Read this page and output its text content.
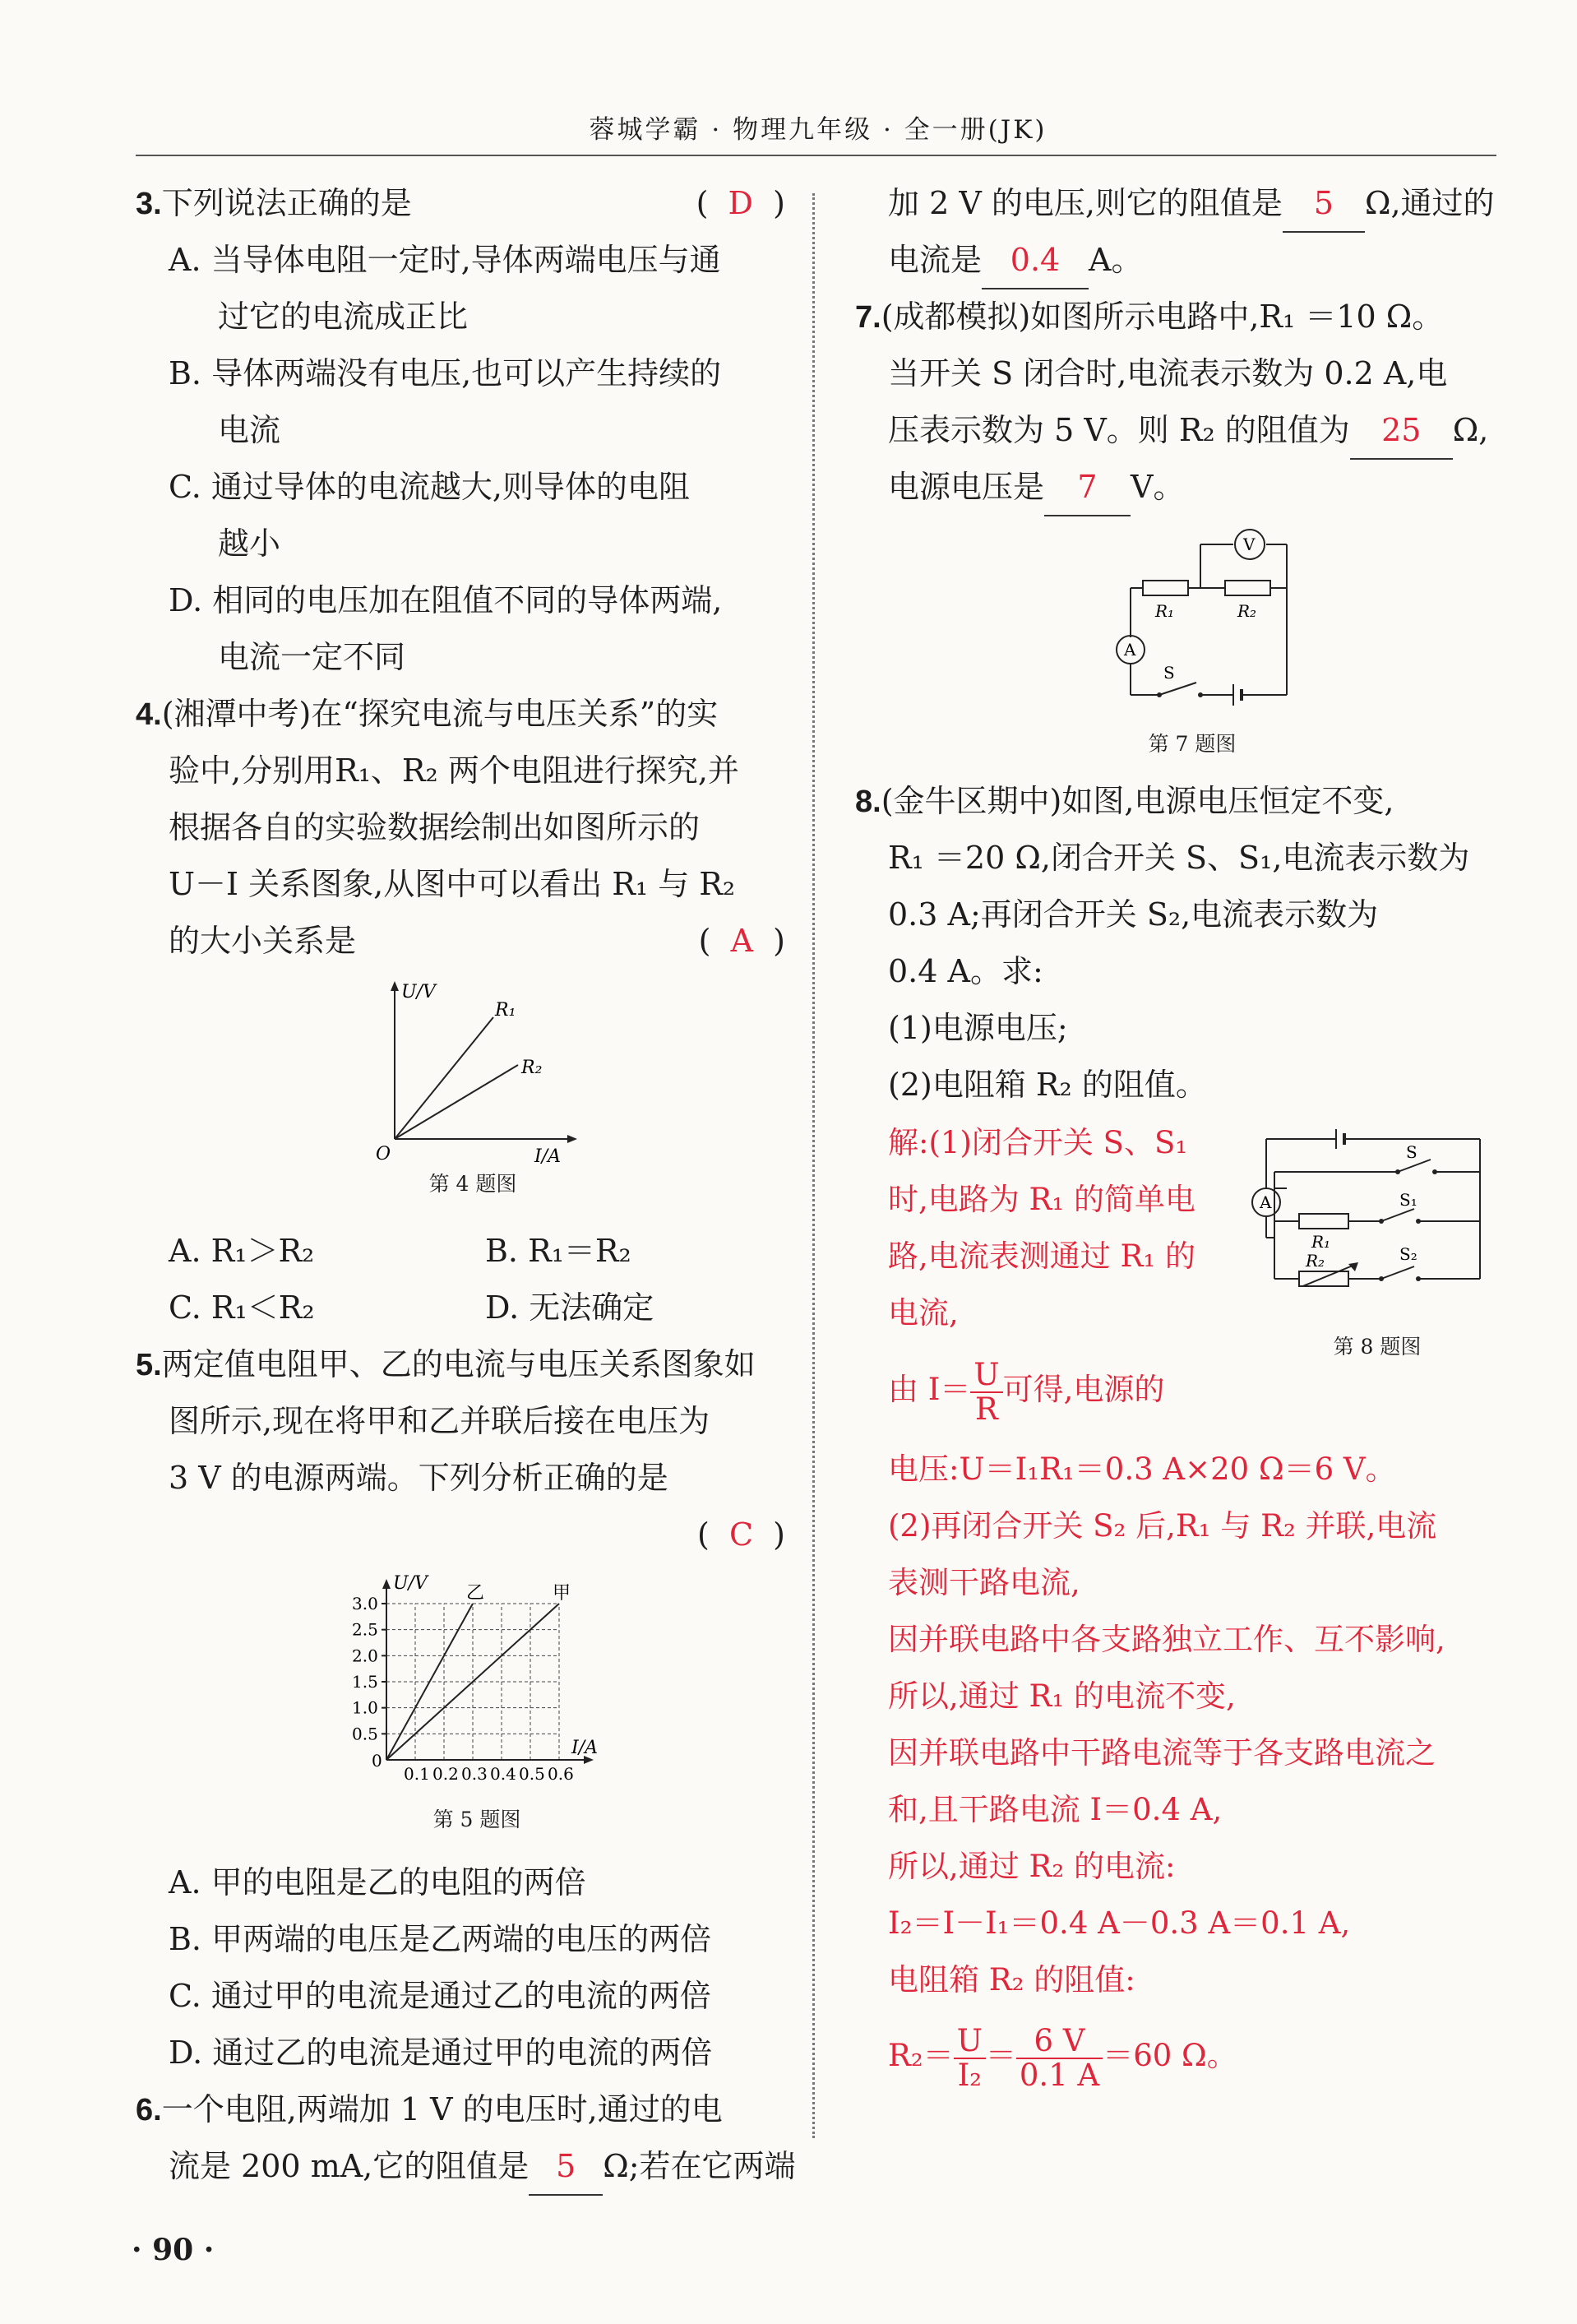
蓉城学霸 · 物理九年级 · 全一册(JK)
3.下列说法正确的是	(  D  )
A. 当导体电阻一定时,导体两端电压与通
过它的电流成正比
B. 导体两端没有电压,也可以产生持续的
电流
C. 通过导体的电流越大,则导体的电阻
越小
D. 相同的电压加在阻值不同的导体两端,
电流一定不同
4.(湘潭中考)在“探究电流与电压关系”的实
验中,分别用R₁、R₂ 两个电阻进行探究,并
根据各自的实验数据绘制出如图所示的
U－I 关系图象,从图中可以看出 R₁ 与 R₂
的大小关系是	(  A  )
U/V
I/A
O
R₁
R₂
第 4 题图
A. R₁＞R₂	B. R₁＝R₂
C. R₁＜R₂	D. 无法确定
5.两定值电阻甲、乙的电流与电压关系图象如
图所示,现在将甲和乙并联后接在电压为
3 V 的电源两端。下列分析正确的是
(  C  )
0.1 0.2 0.3 0.4 0.5 0.6
0.5
1.0
1.5
2.0
2.5
3.0
U/V
I/A
0
乙	甲
第 5 题图
A. 甲的电阻是乙的电阻的两倍
B. 甲两端的电压是乙两端的电压的两倍
C. 通过甲的电流是通过乙的电流的两倍
D. 通过乙的电流是通过甲的电流的两倍
6.一个电阻,两端加 1 V 的电压时,通过的电
流是 200 mA,它的阻值是 5 Ω;若在它两端
· 90 ·
加 2 V 的电压,则它的阻值是 5 Ω,通过的
电流是 0.4 A。
7.(成都模拟)如图所示电路中,R₁ ＝10 Ω。
当开关 S 闭合时,电流表示数为 0.2 A,电
压表示数为 5 V。则 R₂ 的阻值为 25 Ω,
电源电压是 7 V。
V
A
R₁	R₂
S
第 7 题图
8.(金牛区期中)如图,电源电压恒定不变,
R₁ ＝20 Ω,闭合开关 S、S₁,电流表示数为
0.3 A;再闭合开关 S₂,电流表示数为
0.4 A。求:
(1)电源电压;
(2)电阻箱 R₂ 的阻值。
A
S
S₁
S₂
R₁
R₂
第 8 题图
解:(1)闭合开关 S、S₁
时,电路为 R₁ 的简单电
路,电流表测通过 R₁ 的
电流,
由 $I= \frac{U}{R}$ 可得,电源的
电压:U＝I₁R₁＝0.3 A×20 Ω＝6 V。
(2)再闭合开关 S₂ 后,R₁ 与 R₂ 并联,电流
表测干路电流,
因并联电路中各支路独立工作、互不影响,
所以,通过 R₁ 的电流不变,
因并联电路中干路电流等于各支路电流之
和,且干路电流 I＝0.4 A,
所以,通过 R₂ 的电流:
I₂＝I－I₁＝0.4 A－0.3 A＝0.1 A,
电阻箱 R₂ 的阻值:
$R_2= \frac{U}{\text{I₂}} = \frac{6 V}{0.1 A} =60$ Ω。
